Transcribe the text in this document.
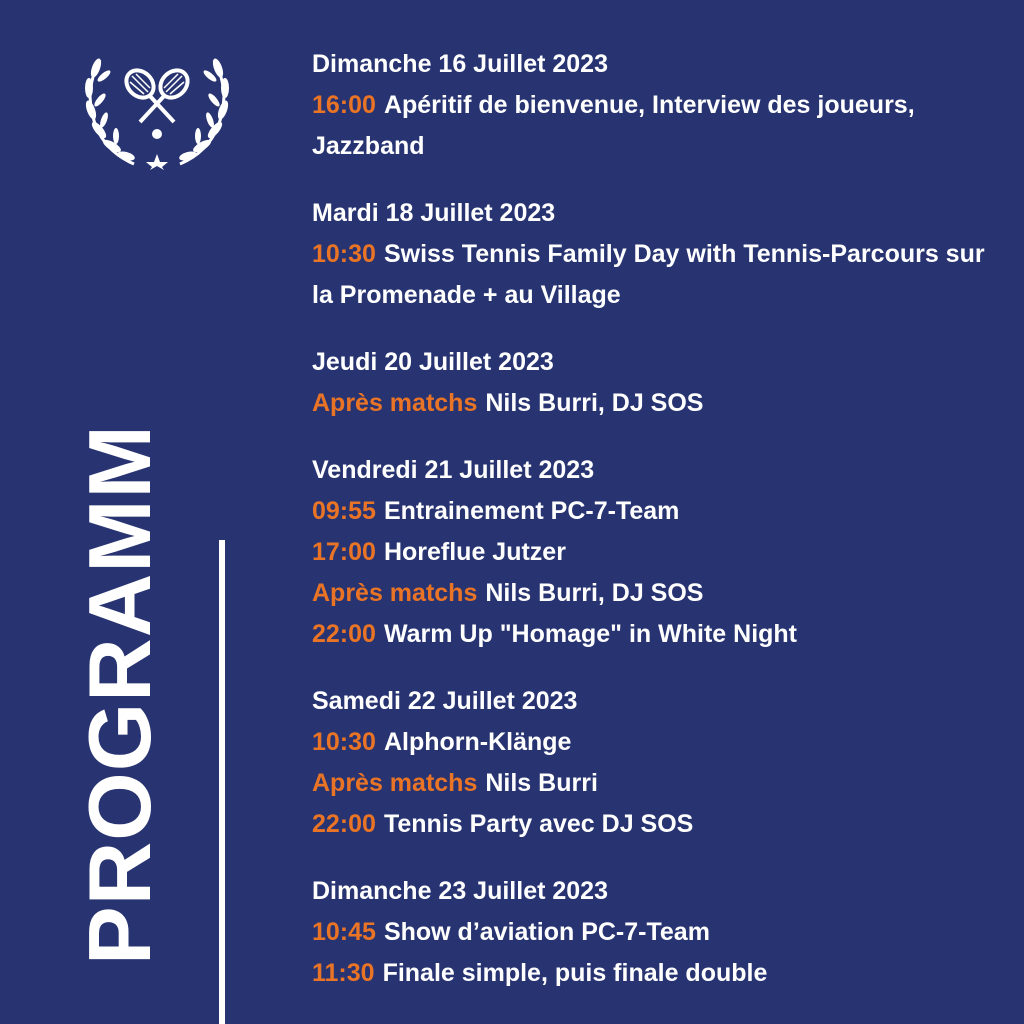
PROGRAMM
Dimanche 16 Juillet 2023
16:00 Apéritif de bienvenue, Interview des joueurs, Jazzband
Mardi 18 Juillet 2023
10:30 Swiss Tennis Family Day with Tennis-Parcours sur la Promenade + au Village
Jeudi 20 Juillet 2023
Après matchs Nils Burri, DJ SOS
Vendredi 21 Juillet 2023
09:55 Entrainement PC-7-Team
17:00 Horeflue Jutzer
Après matchs Nils Burri, DJ SOS
22:00 Warm Up "Homage" in White Night
Samedi 22 Juillet 2023
10:30 Alphorn-Klänge
Après matchs Nils Burri
22:00 Tennis Party avec DJ SOS
Dimanche 23 Juillet 2023
10:45 Show d’aviation PC-7-Team
11:30 Finale simple, puis finale double
